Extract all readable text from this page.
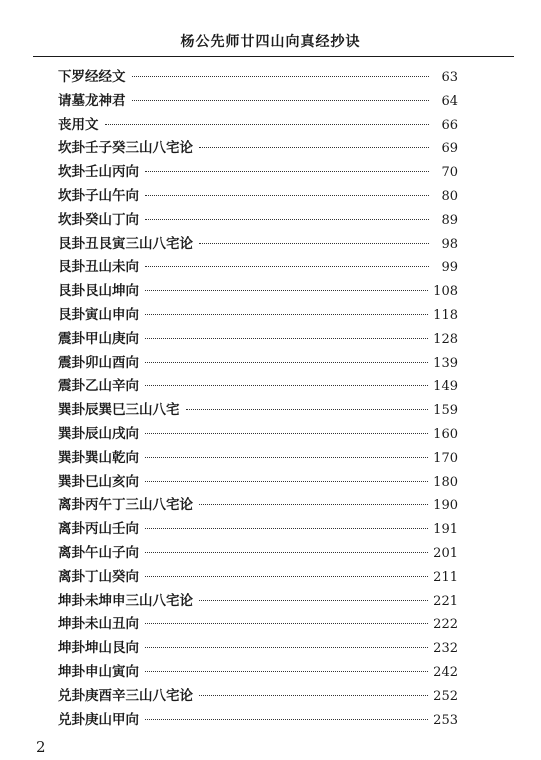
杨公先师廿四山向真经抄诀
下罗经经文	63
请墓龙神君	64
丧用文	66
坎卦壬子癸三山八宅论	69
坎卦壬山丙向	70
坎卦子山午向	80
坎卦癸山丁向	89
艮卦丑艮寅三山八宅论	98
艮卦丑山未向	99
艮卦艮山坤向	108
艮卦寅山申向	118
震卦甲山庚向	128
震卦卯山酉向	139
震卦乙山辛向	149
巽卦辰巽巳三山八宅	159
巽卦辰山戌向	160
巽卦巽山乾向	170
巽卦巳山亥向	180
离卦丙午丁三山八宅论	190
离卦丙山壬向	191
离卦午山子向	201
离卦丁山癸向	211
坤卦未坤申三山八宅论	221
坤卦未山丑向	222
坤卦坤山艮向	232
坤卦申山寅向	242
兑卦庚酉辛三山八宅论	252
兑卦庚山甲向	253
2
